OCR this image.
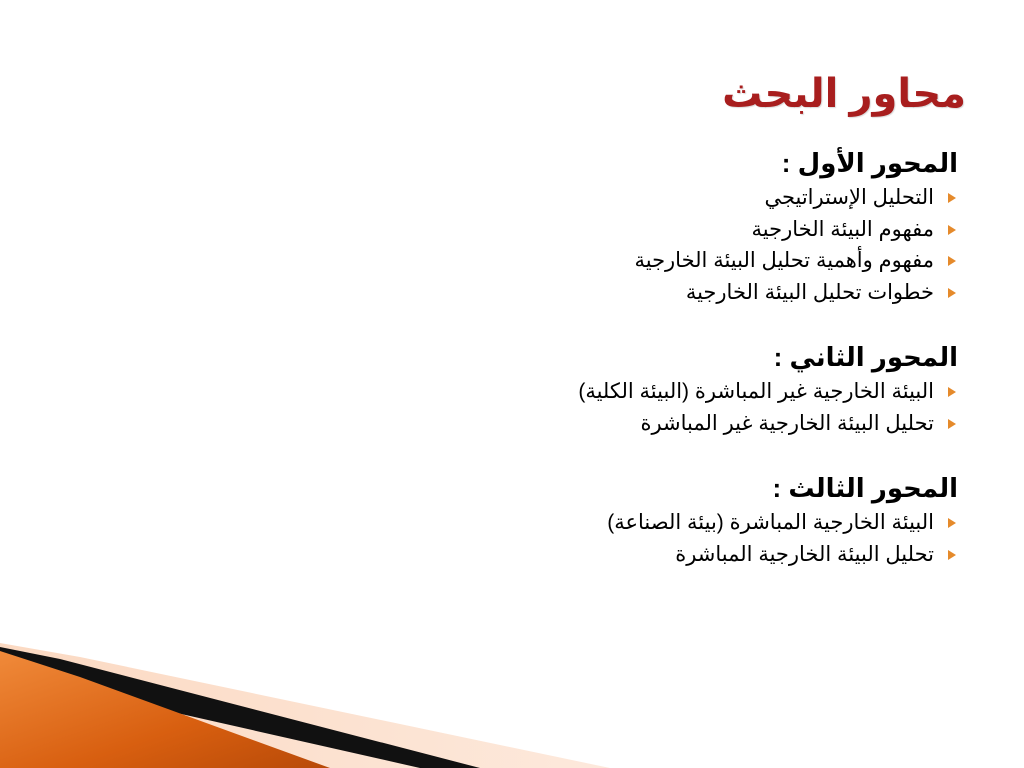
محاور البحث
المحور الأول :
التحليل الإستراتيجي
مفهوم البيئة الخارجية
مفهوم وأهمية تحليل البيئة الخارجية
خطوات تحليل البيئة الخارجية
المحور الثاني :
البيئة الخارجية غير المباشرة (البيئة الكلية)
تحليل البيئة الخارجية غير المباشرة
المحور الثالث :
البيئة الخارجية المباشرة (بيئة الصناعة)
تحليل البيئة الخارجية المباشرة
